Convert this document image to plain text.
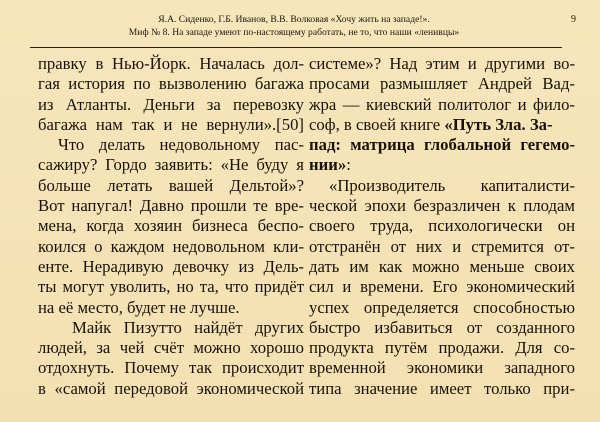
Я.А. Сиденко, Г.Б. Иванов, В.В. Волковая «Хочу жить на западе!».
Миф № 8. На западе умеют по-настоящему работать, не то, что наши «ленивцы»
9
правку в Нью-Йорк. Началась дол-
гая история по вызволению багажа
из Атланты. Деньги за перевозку
багажа нам так и не вернули».[50]
Что делать недовольному пас-
сажиру? Гордо заявить: «Не буду я
больше летать вашей Дельтой»?
Вот напугал! Давно прошли те вре-
мена, когда хозяин бизнеса беспо-
коился о каждом недовольном кли-
енте. Нерадивую девочку из Дель-
ты могут уволить, но та, что придёт
на её место, будет не лучше.
Майк Пизутто найдёт других
людей, за чей счёт можно хорошо
отдохнуть. Почему так происходит
в «самой передовой экономической
системе»? Над этим и другими во-
просами размышляет Андрей Вад-
жра — киевский политолог и фило-
соф, в своей книге «Путь Зла. За-
пад: матрица глобальной гегемо-
нии»:
«Производитель капиталисти-
ческой эпохи безразличен к плодам
своего труда, психологически он
отстранён от них и стремится от-
дать им как можно меньше своих
сил и времени. Его экономический
успех определяется способностью
быстро избавиться от созданного
продукта путём продажи. Для со-
временной экономики западного
типа значение имеет только при-
